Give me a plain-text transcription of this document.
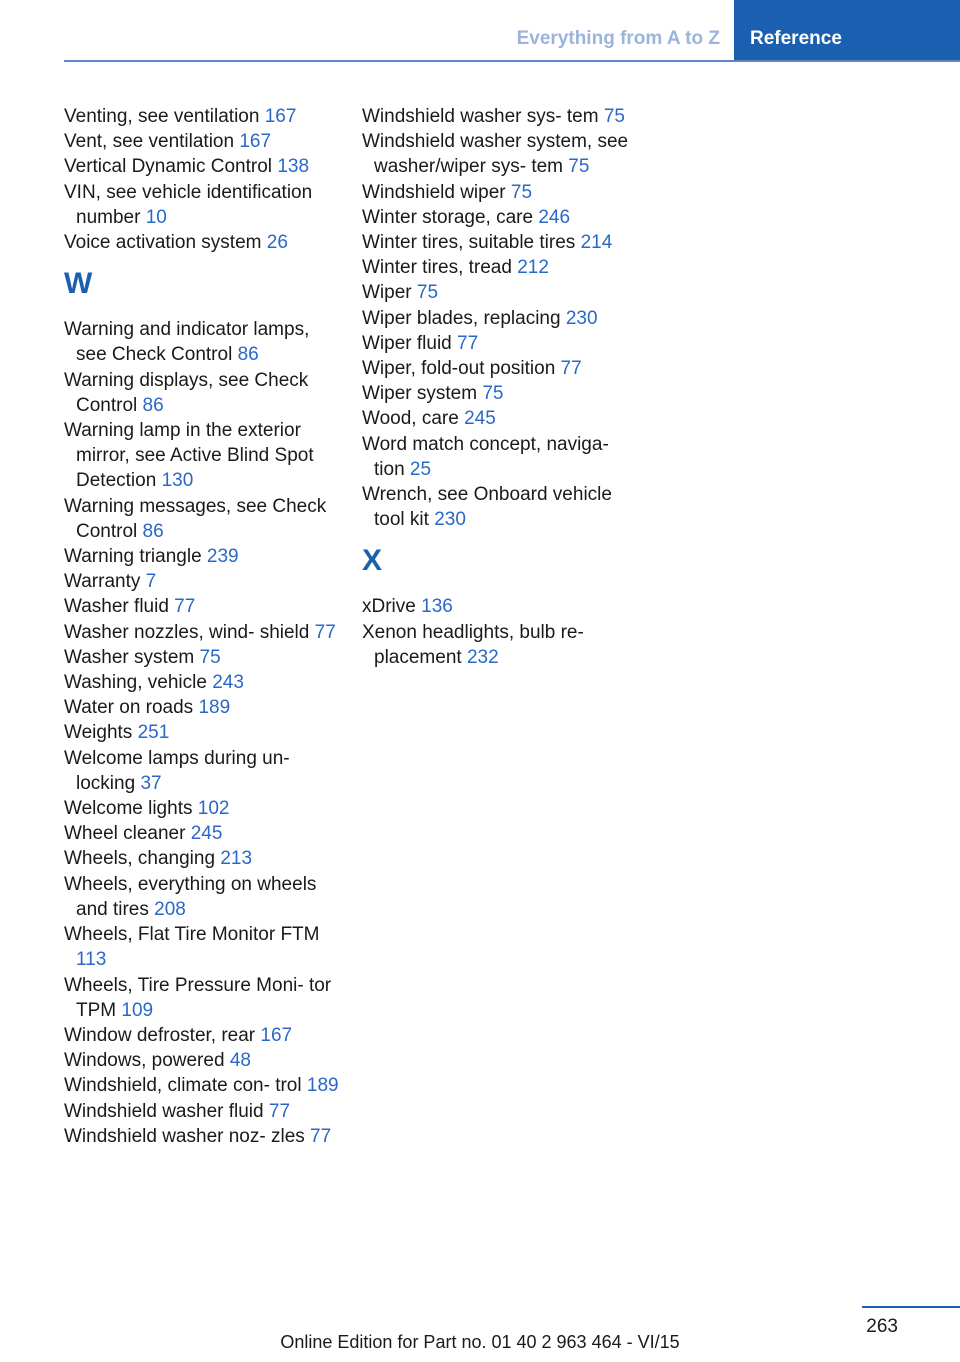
Everything from A to Z	Reference
Venting, see ventilation 167
Vent, see ventilation 167
Vertical Dynamic Control 138
VIN, see vehicle identification number 10
Voice activation system 26
W
Warning and indicator lamps, see Check Control 86
Warning displays, see Check Control 86
Warning lamp in the exterior mirror, see Active Blind Spot Detection 130
Warning messages, see Check Control 86
Warning triangle 239
Warranty 7
Washer fluid 77
Washer nozzles, wind‐ shield 77
Washer system 75
Washing, vehicle 243
Water on roads 189
Weights 251
Welcome lamps during un‐ locking 37
Welcome lights 102
Wheel cleaner 245
Wheels, changing 213
Wheels, everything on wheels and tires 208
Wheels, Flat Tire Monitor FTM 113
Wheels, Tire Pressure Moni‐ tor TPM 109
Window defroster, rear 167
Windows, powered 48
Windshield, climate con‐ trol 189
Windshield washer fluid 77
Windshield washer noz‐ zles 77
Windshield washer sys‐ tem 75
Windshield washer system, see washer/wiper sys‐ tem 75
Windshield wiper 75
Winter storage, care 246
Winter tires, suitable tires 214
Winter tires, tread 212
Wiper 75
Wiper blades, replacing 230
Wiper fluid 77
Wiper, fold-out position 77
Wiper system 75
Wood, care 245
Word match concept, naviga‐ tion 25
Wrench, see Onboard vehicle tool kit 230
X
xDrive 136
Xenon headlights, bulb re‐ placement 232
263
Online Edition for Part no. 01 40 2 963 464 - VI/15
